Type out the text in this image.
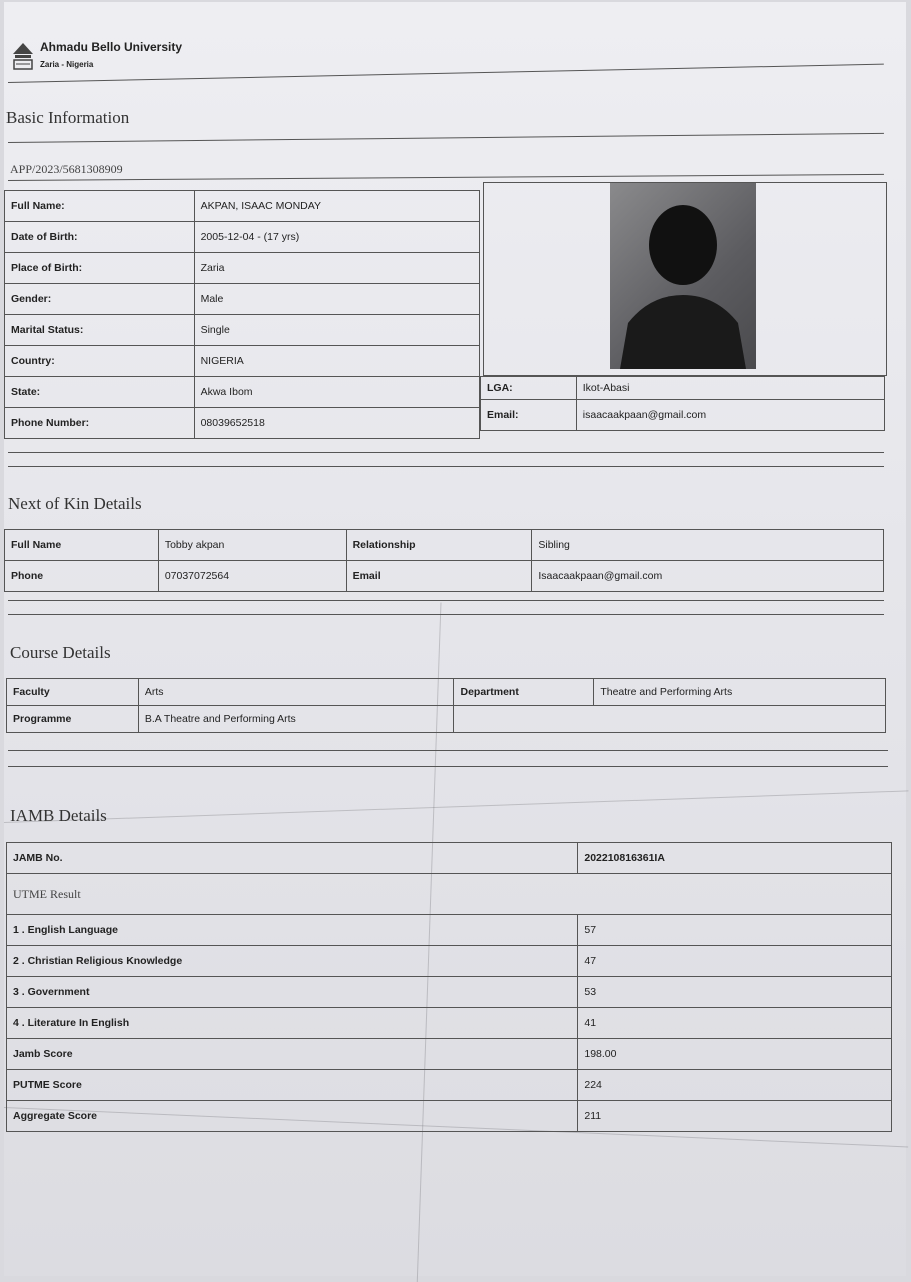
Ahmadu Bello University
Zaria - Nigeria
Basic Information
APP/2023/5681308909
Full Name:	AKPAN, ISAAC MONDAY
Date of Birth:	2005-12-04 - (17 yrs)
Place of Birth:	Zaria
Gender:	Male
Marital Status:	Single
Country:	NIGERIA
State:	Akwa Ibom
Phone Number:	08039652518
LGA:	Ikot-Abasi
Email:	isaacaakpaan@gmail.com
Next of Kin Details
Full Name	Tobby akpan	Relationship	Sibling
Phone	07037072564	Email	Isaacaakpaan@gmail.com
Course Details
Faculty	Arts	Department	Theatre and Performing Arts
Programme	B.A Theatre and Performing Arts		
IAMB Details
JAMB No.	202210816361IA
UTME Result	
1 . English Language	57
2 . Christian Religious Knowledge	47
3 . Government	53
4 . Literature In English	41
Jamb Score	198.00
PUTME Score	224
Aggregate Score	211
